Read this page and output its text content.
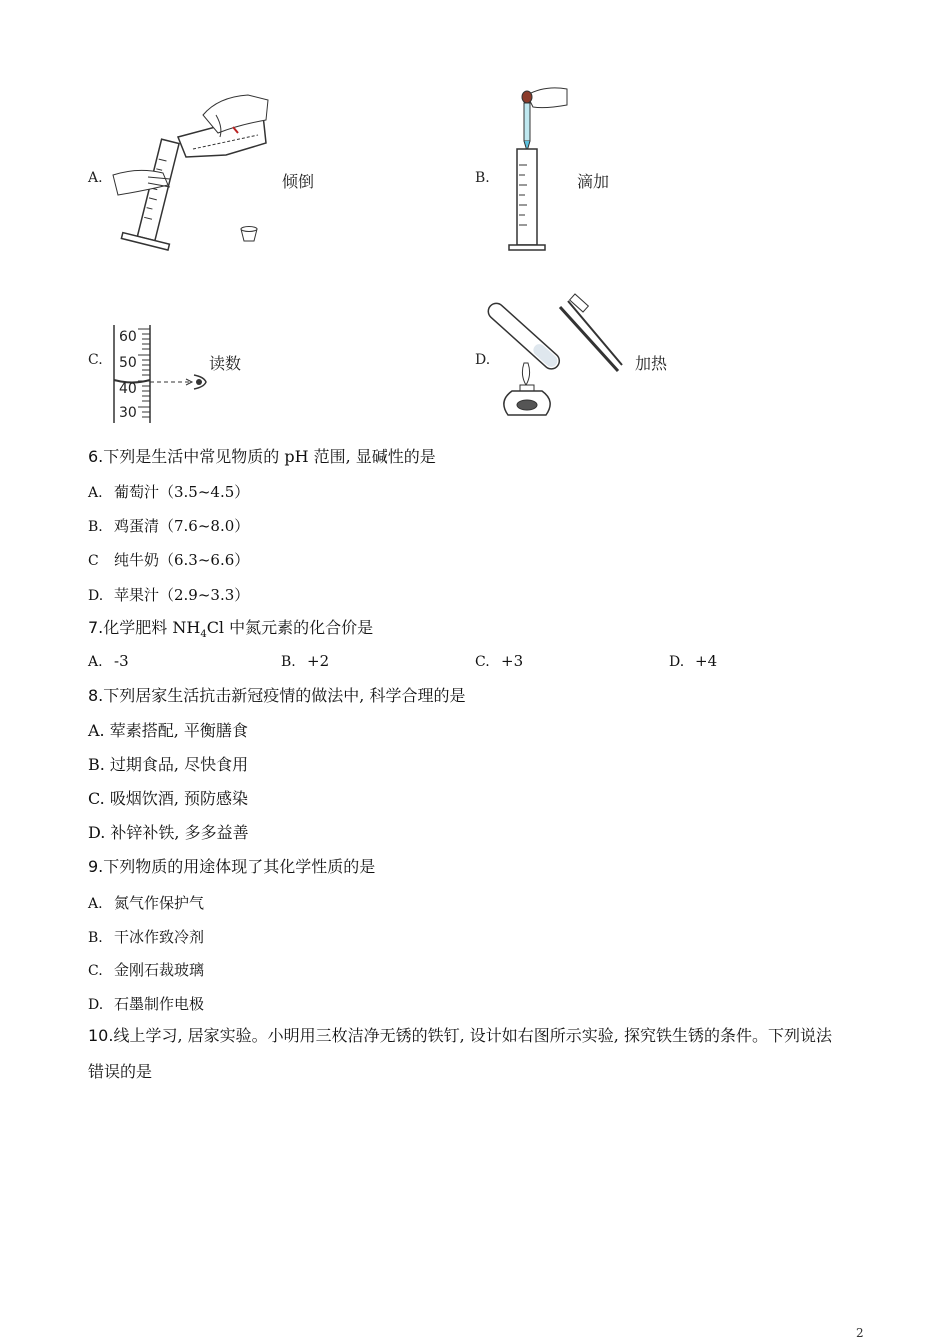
A.	倾倒	B.	滴加
C.
60
50
40
30
读数	D.	加热
6.下列是生活中常见物质的 pH 范围, 显碱性的是
A. 葡萄汁（3.5~4.5）
B. 鸡蛋清（7.6~8.0）
C 纯牛奶（6.3~6.6）
D. 苹果汁（2.9~3.3）
7.化学肥料 $NH_4Cl$ 中氮元素的化合价是
A. -3	B. +2	C. +3	D. +4
8.下列居家生活抗击新冠疫情的做法中, 科学合理的是
A. 荤素搭配, 平衡膳食
B. 过期食品, 尽快食用
C. 吸烟饮酒, 预防感染
D. 补锌补铁, 多多益善
9.下列物质的用途体现了其化学性质的是
A. 氮气作保护气
B. 干冰作致冷剂
C. 金刚石裁玻璃
D. 石墨制作电极
10.线上学习, 居家实验。小明用三枚洁净无锈的铁钉, 设计如右图所示实验, 探究铁生锈的条件。下列说法
错误的是
2
